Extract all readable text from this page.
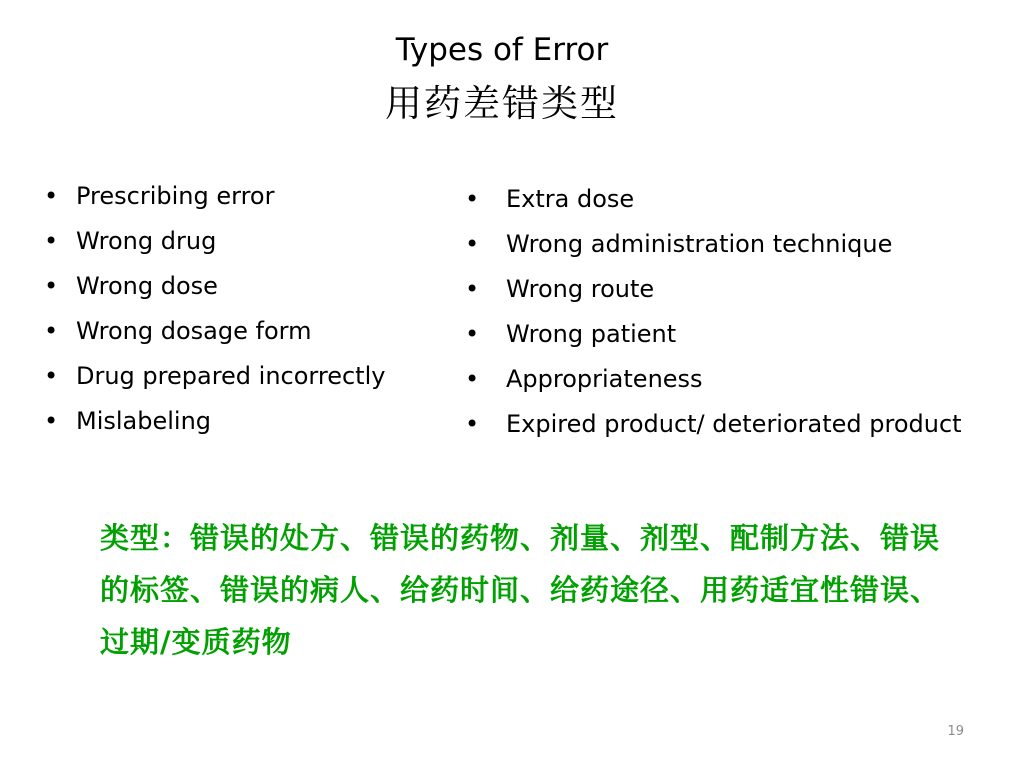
Types of Error
用药差错类型
• Prescribing error
• Wrong drug
• Wrong dose
• Wrong dosage form
• Drug prepared incorrectly
• Mislabeling
• Extra dose
• Wrong administration technique
• Wrong route
• Wrong patient
• Appropriateness
• Expired product/ deteriorated product
类型：错误的处方、错误的药物、剂量、剂型、配制方法、错误的标签、错误的病人、给药时间、给药途径、用药适宜性错误、过期/变质药物
19
